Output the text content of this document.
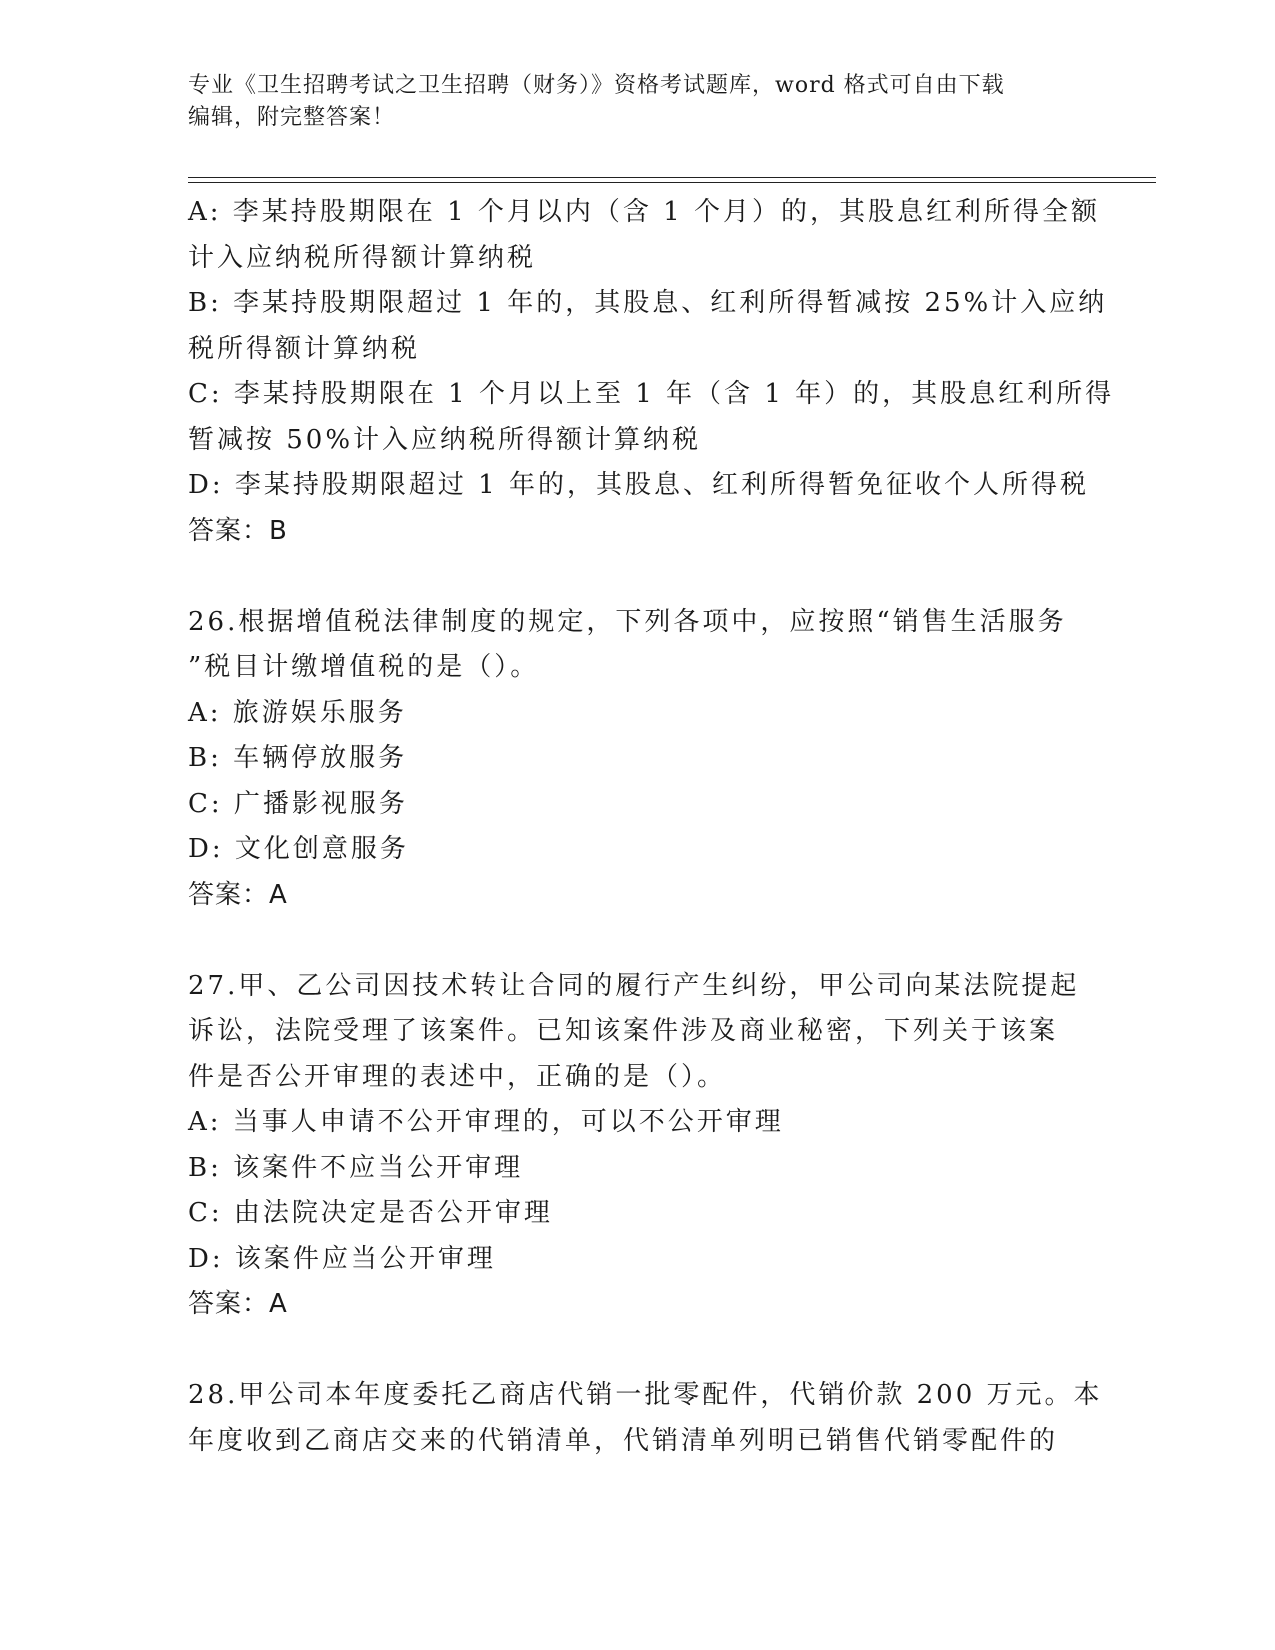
专业《卫生招聘考试之卫生招聘（财务）》资格考试题库，word 格式可自由下载
编辑，附完整答案！
A: 李某持股期限在 1 个月以内（含 1 个月）的，其股息红利所得全额
计入应纳税所得额计算纳税
B: 李某持股期限超过 1 年的，其股息、红利所得暂减按 25%计入应纳
税所得额计算纳税
C: 李某持股期限在 1 个月以上至 1 年（含 1 年）的，其股息红利所得
暂减按 50%计入应纳税所得额计算纳税
D: 李某持股期限超过 1 年的，其股息、红利所得暂免征收个人所得税
答案：B
26.根据增值税法律制度的规定，下列各项中，应按照“销售生活服务
”税目计缴增值税的是（）。
A: 旅游娱乐服务
B: 车辆停放服务
C: 广播影视服务
D: 文化创意服务
答案：A
27.甲、乙公司因技术转让合同的履行产生纠纷，甲公司向某法院提起
诉讼，法院受理了该案件。已知该案件涉及商业秘密，下列关于该案
件是否公开审理的表述中，正确的是（）。
A: 当事人申请不公开审理的，可以不公开审理
B: 该案件不应当公开审理
C: 由法院决定是否公开审理
D: 该案件应当公开审理
答案：A
28.甲公司本年度委托乙商店代销一批零配件，代销价款 200 万元。本
年度收到乙商店交来的代销清单，代销清单列明已销售代销零配件的
